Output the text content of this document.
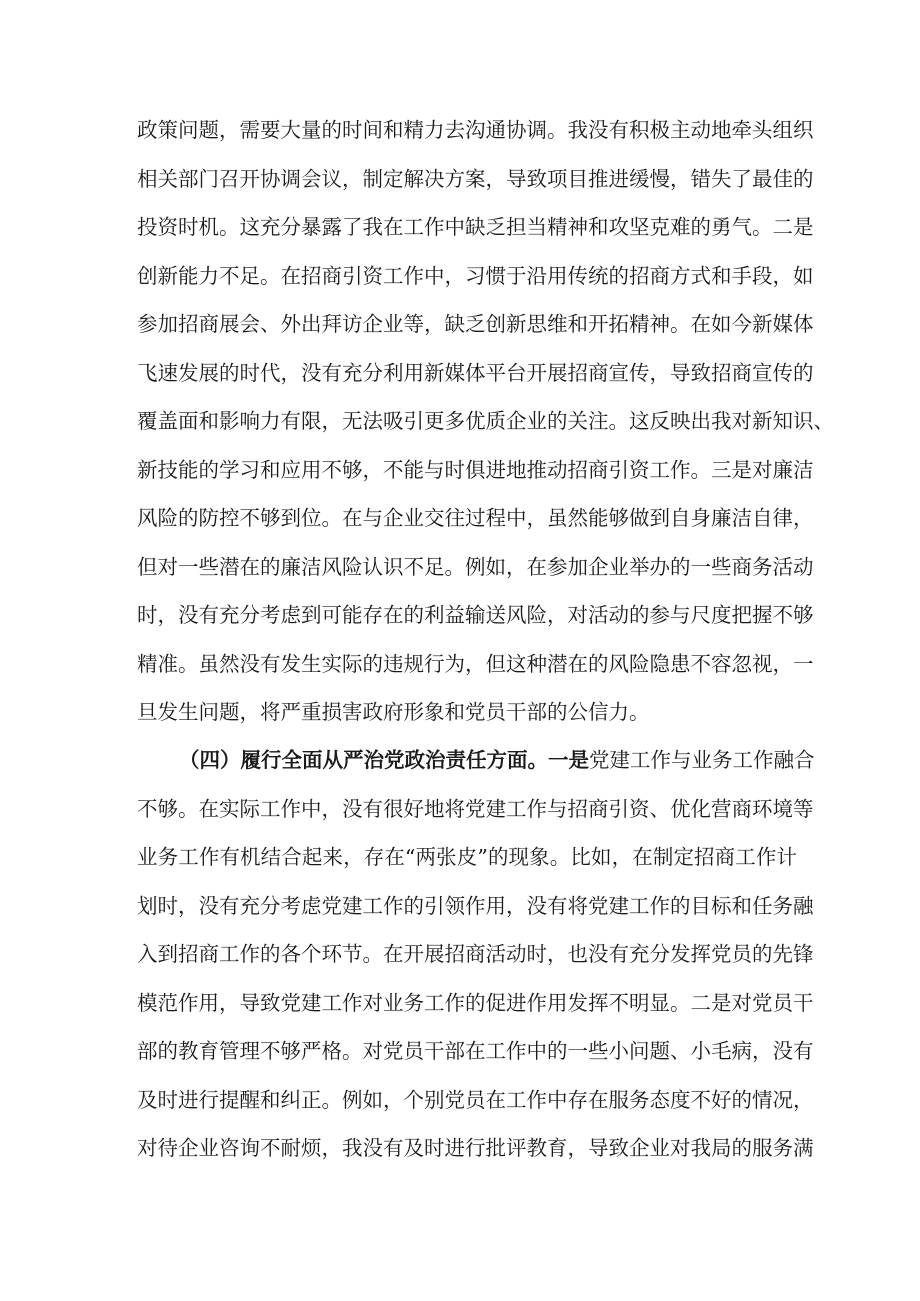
政策问题，需要大量的时间和精力去沟通协调。我没有积极主动地牵头组织
相关部门召开协调会议，制定解决方案，导致项目推进缓慢，错失了最佳的
投资时机。这充分暴露了我在工作中缺乏担当精神和攻坚克难的勇气。二是
创新能力不足。在招商引资工作中，习惯于沿用传统的招商方式和手段，如
参加招商展会、外出拜访企业等，缺乏创新思维和开拓精神。在如今新媒体
飞速发展的时代，没有充分利用新媒体平台开展招商宣传，导致招商宣传的
覆盖面和影响力有限，无法吸引更多优质企业的关注。这反映出我对新知识、
新技能的学习和应用不够，不能与时俱进地推动招商引资工作。三是对廉洁
风险的防控不够到位。在与企业交往过程中，虽然能够做到自身廉洁自律，
但对一些潜在的廉洁风险认识不足。例如，在参加企业举办的一些商务活动
时，没有充分考虑到可能存在的利益输送风险，对活动的参与尺度把握不够
精准。虽然没有发生实际的违规行为，但这种潜在的风险隐患不容忽视，一
旦发生问题，将严重损害政府形象和党员干部的公信力。
（四）履行全面从严治党政治责任方面。一是党建工作与业务工作融合
不够。在实际工作中，没有很好地将党建工作与招商引资、优化营商环境等
业务工作有机结合起来，存在“两张皮”的现象。比如，在制定招商工作计
划时，没有充分考虑党建工作的引领作用，没有将党建工作的目标和任务融
入到招商工作的各个环节。在开展招商活动时，也没有充分发挥党员的先锋
模范作用，导致党建工作对业务工作的促进作用发挥不明显。二是对党员干
部的教育管理不够严格。对党员干部在工作中的一些小问题、小毛病，没有
及时进行提醒和纠正。例如，个别党员在工作中存在服务态度不好的情况，
对待企业咨询不耐烦，我没有及时进行批评教育，导致企业对我局的服务满
